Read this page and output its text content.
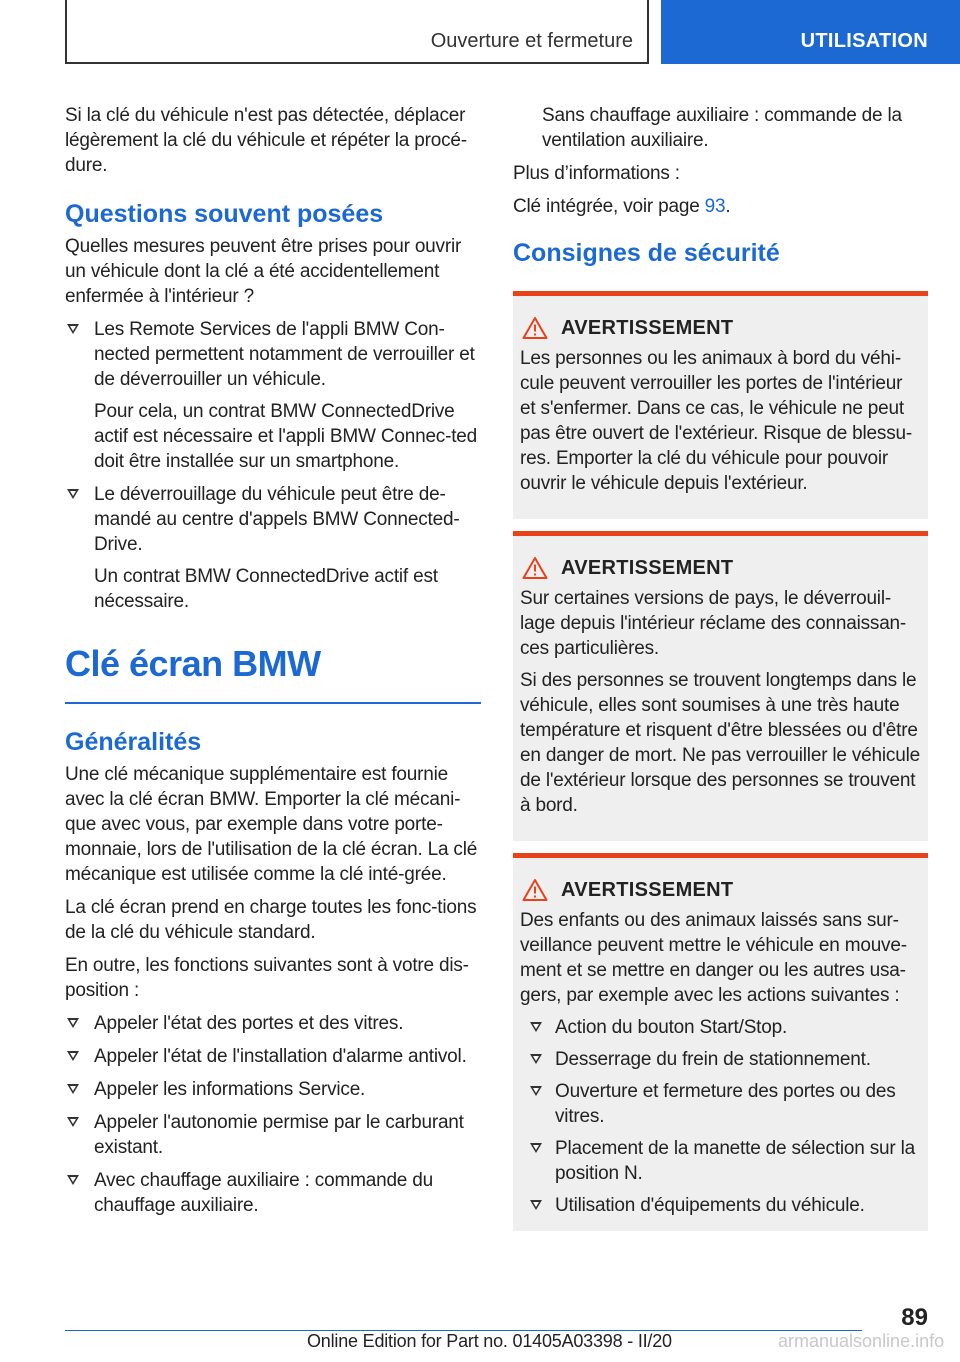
Ouverture et fermeture	UTILISATION

Si la clé du véhicule n'est pas détectée, déplacer légèrement la clé du véhicule et répéter la procé-dure.

Questions souvent posées

Quelles mesures peuvent être prises pour ouvrir un véhicule dont la clé a été accidentellement enfermée à l'intérieur ?

Les Remote Services de l'appli BMW Con-nected permettent notamment de verrouiller et de déverrouiller un véhicule.

Pour cela, un contrat BMW ConnectedDrive actif est nécessaire et l'appli BMW Connec-ted doit être installée sur un smartphone.

Le déverrouillage du véhicule peut être de-mandé au centre d'appels BMW Connected-Drive.

Un contrat BMW ConnectedDrive actif est nécessaire.

Clé écran BMW
Généralités

Une clé mécanique supplémentaire est fournie avec la clé écran BMW. Emporter la clé mécani-que avec vous, par exemple dans votre porte-monnaie, lors de l'utilisation de la clé écran. La clé mécanique est utilisée comme la clé inté-grée.

La clé écran prend en charge toutes les fonc-tions de la clé du véhicule standard.

En outre, les fonctions suivantes sont à votre dis-position :

Appeler l'état des portes et des vitres.

Appeler l'état de l'installation d'alarme antivol.

Appeler les informations Service.

Appeler l'autonomie permise par le carburant existant.

Avec chauffage auxiliaire : commande du chauffage auxiliaire.

Sans chauffage auxiliaire : commande de la ventilation auxiliaire.

Plus d’informations :

Clé intégrée, voir page 93.

Consignes de sécurité
AVERTISSEMENT

Les personnes ou les animaux à bord du véhi-cule peuvent verrouiller les portes de l'intérieur et s'enfermer. Dans ce cas, le véhicule ne peut pas être ouvert de l'extérieur. Risque de blessu-res. Emporter la clé du véhicule pour pouvoir ouvrir le véhicule depuis l'extérieur.

AVERTISSEMENT

Sur certaines versions de pays, le déverrouil-lage depuis l'intérieur réclame des connaissan-ces particulières.

Si des personnes se trouvent longtemps dans le véhicule, elles sont soumises à une très haute température et risquent d'être blessées ou d'être en danger de mort. Ne pas verrouiller le véhicule de l'extérieur lorsque des personnes se trouvent à bord.

AVERTISSEMENT

Des enfants ou des animaux laissés sans sur-veillance peuvent mettre le véhicule en mouve-ment et se mettre en danger ou les autres usa-gers, par exemple avec les actions suivantes :

Action du bouton Start/Stop.

Desserrage du frein de stationnement.

Ouverture et fermeture des portes ou des vitres.

Placement de la manette de sélection sur la position N.

Utilisation d'équipements du véhicule.

89
Online Edition for Part no. 01405A03398 - II/20	armanualsonline.info
